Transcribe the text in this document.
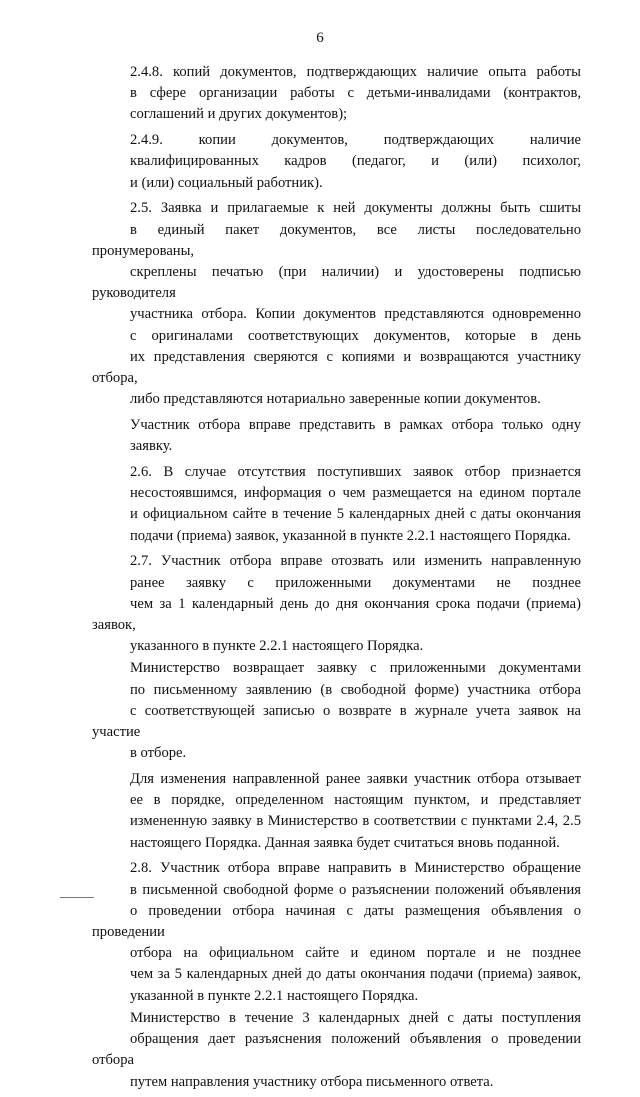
6

2.4.8. копий документов, подтверждающих наличие опыта работы
в сфере организации работы с детьми-инвалидами (контрактов,
соглашений и других документов);

2.4.9. копии документов, подтверждающих наличие
квалифицированных кадров (педагог, и (или) психолог,
и (или) социальный работник).

2.5. Заявка и прилагаемые к ней документы должны быть сшиты
в единый пакет документов, все листы последовательно пронумерованы,
скреплены печатью (при наличии) и удостоверены подписью руководителя
участника отбора. Копии документов представляются одновременно
с оригиналами соответствующих документов, которые в день
их представления сверяются с копиями и возвращаются участнику отбора,
либо представляются нотариально заверенные копии документов.

Участник отбора вправе представить в рамках отбора только одну
заявку.

2.6. В случае отсутствия поступивших заявок отбор признается
несостоявшимся, информация о чем размещается на едином портале
и официальном сайте в течение 5 календарных дней с даты окончания
подачи (приема) заявок, указанной в пункте 2.2.1 настоящего Порядка.

2.7. Участник отбора вправе отозвать или изменить направленную
ранее заявку с приложенными документами не позднее
чем за 1 календарный день до дня окончания срока подачи (приема) заявок,
указанного в пункте 2.2.1 настоящего Порядка.

Министерство возвращает заявку с приложенными документами
по письменному заявлению (в свободной форме) участника отбора
с соответствующей записью о возврате в журнале учета заявок на участие
в отборе.

Для изменения направленной ранее заявки участник отбора отзывает
ее в порядке, определенном настоящим пунктом, и представляет
измененную заявку в Министерство в соответствии с пунктами 2.4, 2.5
настоящего Порядка. Данная заявка будет считаться вновь поданной.

2.8. Участник отбора вправе направить в Министерство обращение
в письменной свободной форме о разъяснении положений объявления
о проведении отбора начиная с даты размещения объявления о проведении
отбора на официальном сайте и едином портале и не позднее
чем за 5 календарных дней до даты окончания подачи (приема) заявок,
указанной в пункте 2.2.1 настоящего Порядка.

Министерство в течение 3 календарных дней с даты поступления
обращения дает разъяснения положений объявления о проведении отбора
путем направления участнику отбора письменного ответа.
